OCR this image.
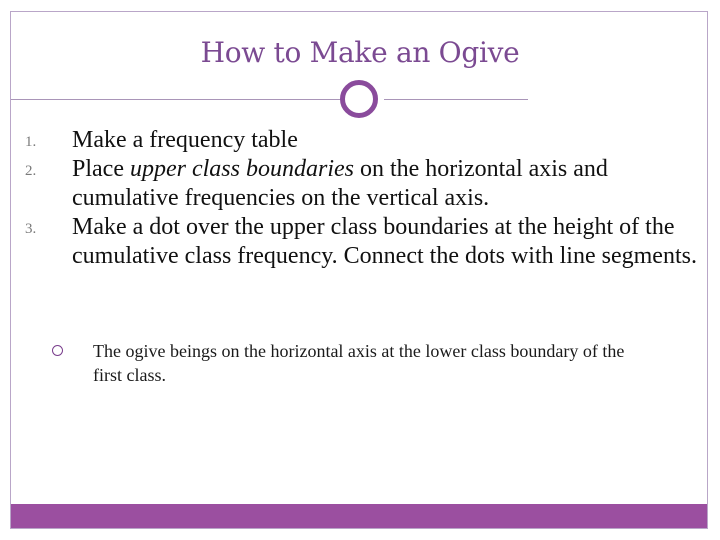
How to Make an Ogive
1. Make a frequency table
2. Place upper class boundaries on the horizontal axis and cumulative frequencies on the vertical axis.
3. Make a dot over the upper class boundaries at the height of the cumulative class frequency. Connect the dots with line segments.
The ogive beings on the horizontal axis at the lower class boundary of the first class.
